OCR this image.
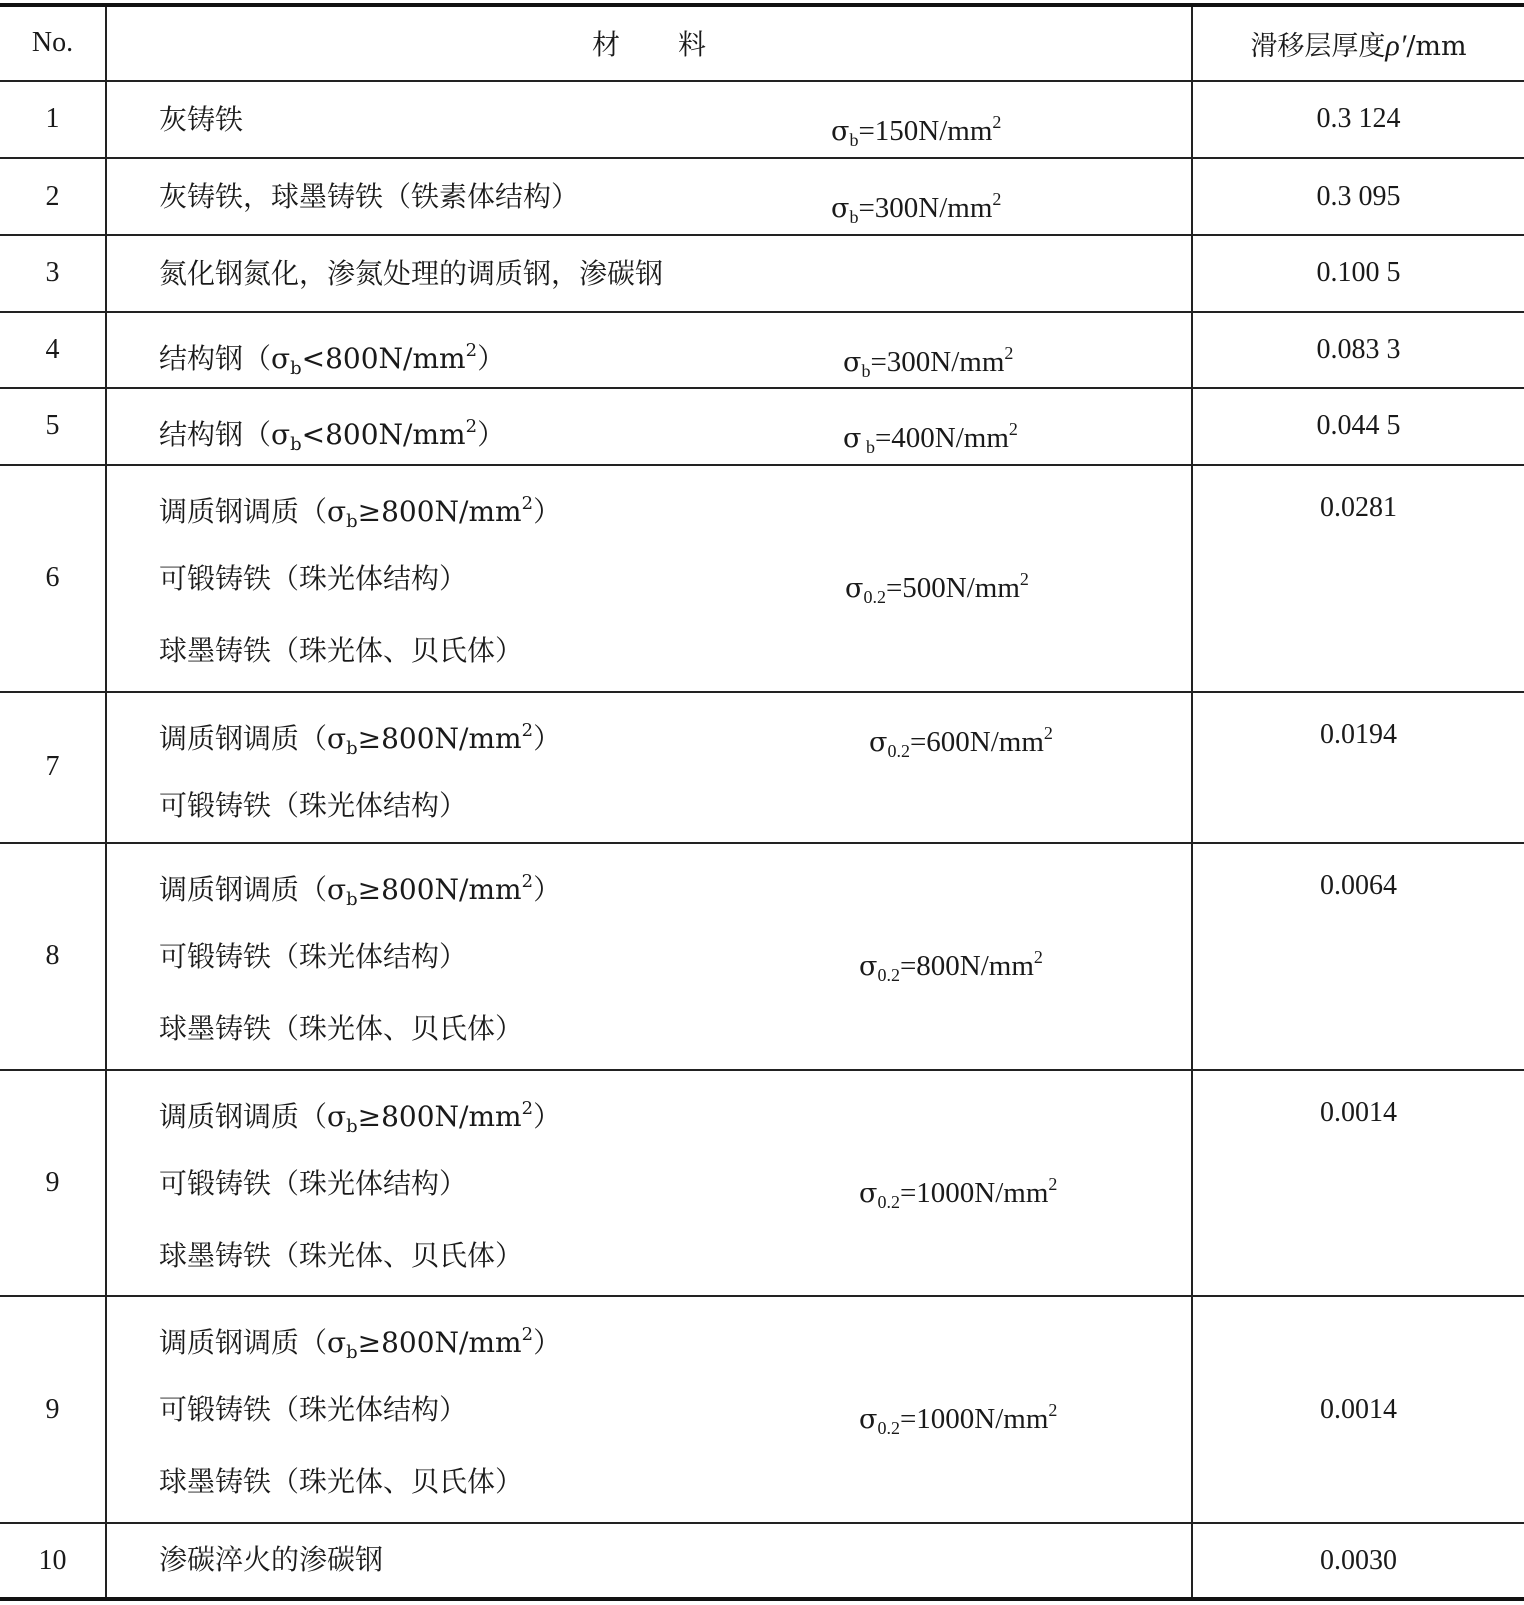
No.	材 料	滑移层厚度ρ′/mm
1	灰铸铁 $\sigma_b=150N/mm^2$	0.3 124
2	灰铸铁，球墨铸铁（铁素体结构） $\sigma_b=300N/mm^2$	0.3 095
3	氮化钢氮化，渗氮处理的调质钢，渗碳钢	0.100 5
4	结构钢$(\sigma_b<800N/mm^2)$ $\sigma_b=300N/mm^2$	0.083 3
5	结构钢$(\sigma_b<800N/mm^2)$ σ $_b=400N/mm^2$	0.044 5
6	调质钢调质$(\sigma_b\ge 800N/mm^2)$
可锻铸铁（珠光体结构）
球墨铸铁（珠光体、贝氏体）
$\sigma_{0.2}=500N/mm^2$	0.0281

7	调质钢调质$(\sigma_b\ge 800N/mm^2)$
可锻铸铁（珠光体结构）
$\sigma_{0.2}=600N/mm^2$	0.0194

8	调质钢调质$(\sigma_b\ge 800N/mm^2)$
可锻铸铁（珠光体结构）
球墨铸铁（珠光体、贝氏体）
$\sigma_{0.2}=800N/mm^2$	0.0064

9	调质钢调质$(\sigma_b\ge 800N/mm^2)$
可锻铸铁（珠光体结构）
球墨铸铁（珠光体、贝氏体）
$\sigma_{0.2}=1000N/mm^2$	0.0014

9	调质钢调质$(\sigma_b\ge 800N/mm^2)$
可锻铸铁（珠光体结构）
球墨铸铁（珠光体、贝氏体）
$\sigma_{0.2}=1000N/mm^2$	0.0014
10	渗碳淬火的渗碳钢	0.0030
